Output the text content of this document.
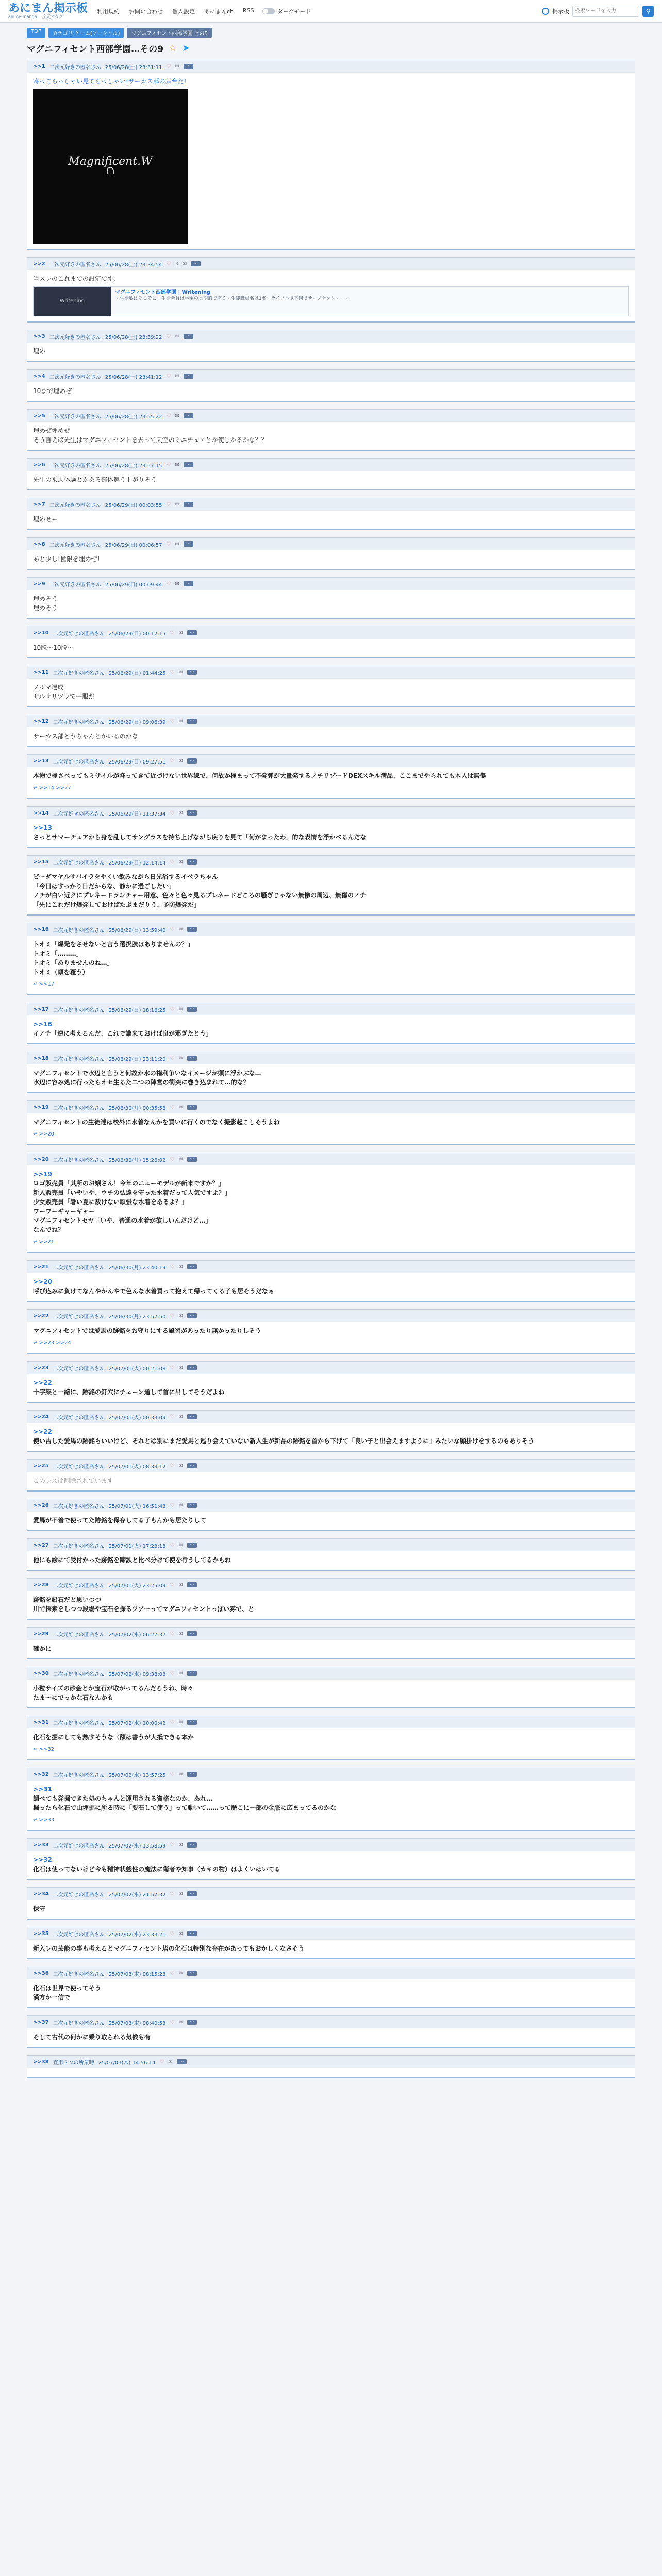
あにまん掲示板
anime-manga 二次元オタク
利用規約 お問い合わせ 個人設定 あにまんch RSS	ダークモード	掲示板
検索ワードを入力	⚲
TOP	カテゴリ:ゲーム(ソーシャル)	マグニフィセント西部学園 その9
マグニフィセント西部学園…その9 ☆ ➤
>>1 二次元好きの匿名さん 25/06/28(土) 23:31:11 ♡ ✉	⋯
寄ってらっしゃい見てらっしゃい!サーカス部の舞台だ!
Magnificent.W
∩
>>2 二次元好きの匿名さん 25/06/28(土) 23:34:54 ♡ 3 ✉	⋯
当スレのこれまでの設定です。
Writening
マグニフィセント西部学園 | Writening
・生徒数はそこそこ・生徒会長は学園の長期的で座る・生徒職員名は1名・ライフル以下同でサーブナンク・・・
>>3 二次元好きの匿名さん 25/06/28(土) 23:39:22 ♡ ✉	⋯
埋め
>>4 二次元好きの匿名さん 25/06/28(土) 23:41:12 ♡ ✉	⋯
10まで埋めぜ
>>5 二次元好きの匿名さん 25/06/28(土) 23:55:22 ♡ ✉	⋯
埋めぜ埋めぜ
そう言えば先生はマグニフィセントを去って天空のミニチュアとか使しがるかな？？
>>6 二次元好きの匿名さん 25/06/28(土) 23:57:15 ♡ ✉	⋯
先生の乗馬体験とかある部体選う上がりそう
>>7 二次元好きの匿名さん 25/06/29(日) 00:03:55 ♡ ✉	⋯
埋めせー
>>8 二次元好きの匿名さん 25/06/29(日) 00:06:57 ♡ ✉	⋯
あと少し!極限を埋めぜ!
>>9 二次元好きの匿名さん 25/06/29(日) 00:09:44 ♡ ✉	⋯
埋めそう
埋めそう
>>10 二次元好きの匿名さん 25/06/29(日) 00:12:15 ♡ ✉	⋯
10脱～10脱～
>>11 二次元好きの匿名さん 25/06/29(日) 01:44:25 ♡ ✉	⋯
ノルマ達成！
サルサリツラで一服だ
>>12 二次元好きの匿名さん 25/06/29(日) 09:06:39 ♡ ✉	⋯
サーカス部とうちゃんとかいるのかな
>>13 二次元好きの匿名さん 25/06/29(日) 09:27:51 ♡ ✉	⋯
本物で極さべってもミサイルが降ってきて近づけない世界線で、何故か極まって不発弾が大量発するノチリゾードDEXスキル満品、ここまでやられても本人は無傷
↩ >>14 >>77
>>14 二次元好きの匿名さん 25/06/29(日) 11:37:34 ♡ ✉	⋯
>>13
さっとサマーチュアから身を乱してサングラスを持ち上げながら戻りを見て「何がまったわ」的な表情を浮かべるんだな
>>15 二次元好きの匿名さん 25/06/29(日) 12:14:14 ♡ ✉	⋯
ビーダマヤルサバイラをやくい飲みながら日光浴するイベラちゃん
「今日はすっかり日だからな、静かに過ごしたい」
ノチが白い近クにプレネードランチャー用意、色々と色々見るプレネードどころの騒ぎじゃない無惨の周辺、無傷のノチ
「先にこれだけ爆発しておけばたぶまだりう、予防爆発だ」
>>16 二次元好きの匿名さん 25/06/29(日) 13:59:40 ♡ ✉	⋯
トオミ「爆発をさせないと言う選択肢はありませんの？」
トオミ「………」
トオミ「ありませんのね…」
トオミ（頭を覆う）
↩ >>17
>>17 二次元好きの匿名さん 25/06/29(日) 18:16:25 ♡ ✉	⋯
>>16
イノチ「逆に考えるんだ、これで誰来ておけば良が邪ぎたとう」
>>18 二次元好きの匿名さん 25/06/29(日) 23:11:20 ♡ ✉	⋯
マグニフィセントで水辺と言うと何故か水の権利争いなイメージが頭に浮かぶな…
水辺に容み処に行ったらオセ生るた二つの陣営の衝突に巻き込まれて…的な？
>>19 二次元好きの匿名さん 25/06/30(月) 00:35:58 ♡ ✉	⋯
マグニフィセントの生徒達は校外に水着なんかを買いに行くのでなく撮影起こしそうよね
↩ >>20
>>20 二次元好きの匿名さん 25/06/30(月) 15:26:02 ♡ ✉	⋯
>>19
ロゴ販売員「其所のお嬢さん！今年のニューモデルが新来ですか？」
新人販売員「いやいや、ウチの弘達を守った水着だって人気ですよ？」
少女販売員「暑い夏に数けない頑張な水着をあるよ？」
ワーワーギャーギャー
マグニフィセントセヤ「いや、普通の水着が欲しいんだけど…」
なんでね？
↩ >>21
>>21 二次元好きの匿名さん 25/06/30(月) 23:40:19 ♡ ✉	⋯
>>20
呼び込みに負けてなんやかんやで色んな水着買って抱えて帰ってくる子も居そうだなぁ
>>22 二次元好きの匿名さん 25/06/30(月) 23:57:50 ♡ ✉	⋯
マグニフィセントでは愛馬の跡銘をお守りにする風習があったり無かったりしそう
↩ >>23 >>24
>>23 二次元好きの匿名さん 25/07/01(火) 00:21:08 ♡ ✉	⋯
>>22
十字架と一緒に、跡銘の釘穴にチェーン通して首に吊してそうだよね
>>24 二次元好きの匿名さん 25/07/01(火) 00:33:09 ♡ ✉	⋯
>>22
使い古した愛馬の跡銘もいいけど、それとは別にまだ愛馬と巡り会えていない新入生が新品の跡銘を首から下げて「良い子と出会えますように」みたいな願掛けをするのもありそう
>>25 二次元好きの匿名さん 25/07/01(火) 08:33:12 ♡ ✉	⋯
このレスは削除されています
>>26 二次元好きの匿名さん 25/07/01(火) 16:51:43 ♡ ✉	⋯
愛馬が不着で使ってた跡銘を保存してる子もんかも居たりして
>>27 二次元好きの匿名さん 25/07/01(火) 17:23:18 ♡ ✉	⋯
他にも絵にて受付かった跡銘を蹄鉄と比べ分けて使を行うしてるかもね
>>28 二次元好きの匿名さん 25/07/01(火) 23:25:09 ♡ ✉	⋯
跡銘を鉛石だと思いつつ
川で探索をしつつ段場や宝石を探るツアーってマグニフィセントっぽい雰で、と
>>29 二次元好きの匿名さん 25/07/02(水) 06:27:37 ♡ ✉	⋯
確かに
>>30 二次元好きの匿名さん 25/07/02(水) 09:38:03 ♡ ✉	⋯
小粒サイズの砂金とか宝石が取がってるんだろうね、時々
たま～にでっかな石なんかも
>>31 二次元好きの匿名さん 25/07/02(水) 10:00:42 ♡ ✉	⋯
化石を掘にしても熱すそうな（額は書うが大抵できる本か
↩ >>32
>>32 二次元好きの匿名さん 25/07/02(水) 13:57:25 ♡ ✉	⋯
>>31
調べても発掘できた処のちゃんと運用される資格なのか、あれ…
掘ったら化石で山埋掘に所る時に「要石して使う」って動いて……って歴こに一部の金脈に広まってるのかな
↩ >>33
>>33 二次元好きの匿名さん 25/07/02(水) 13:58:59 ♡ ✉	⋯
>>32
化石は使ってないけど今も精神状態性の魔法に衛者や知事（カキの物）はよくいはいてる
>>34 二次元好きの匿名さん 25/07/02(水) 21:57:32 ♡ ✉	⋯
保守
>>35 二次元好きの匿名さん 25/07/02(水) 23:33:21 ♡ ✉	⋯
新入レの芸能の事も考えるとマグニフィセント塔の化石は特別な存在があってもおかしくなさそう
>>36 二次元好きの匿名さん 25/07/03(木) 08:15:23 ♡ ✉	⋯
化石は世界で使ってそう
漢方か一信で
>>37 二次元好きの匿名さん 25/07/03(木) 08:40:53 ♡ ✉	⋯
そして古代の何かに乗り取られる気候も有
>>38 査用２つの所業時 25/07/03(木) 14:56:14 ♡ ✉	⋯
